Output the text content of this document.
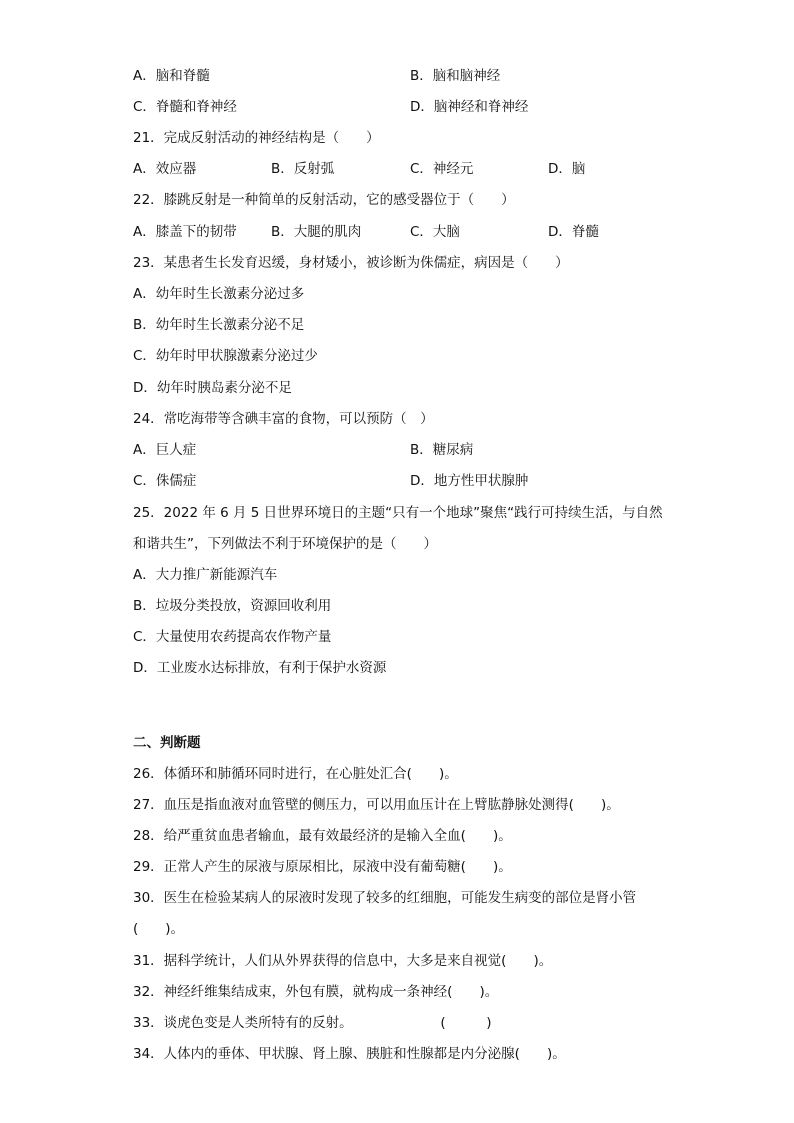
A．脑和脊髓	B．脑和脑神经
C．脊髓和脊神经	D．脑神经和脊神经
21．完成反射活动的神经结构是（　　）
A．效应器	B．反射弧	C．神经元	D．脑
22．膝跳反射是一种简单的反射活动，它的感受器位于（　　）
A．膝盖下的韧带	B．大腿的肌肉	C．大脑	D．脊髓
23．某患者生长发育迟缓，身材矮小，被诊断为侏儒症，病因是（　　）
A．幼年时生长激素分泌过多
B．幼年时生长激素分泌不足
C．幼年时甲状腺激素分泌过少
D．幼年时胰岛素分泌不足
24．常吃海带等含碘丰富的食物，可以预防（　）
A．巨人症	B．糖尿病
C．侏儒症	D．地方性甲状腺肿
25．2022 年 6 月 5 日世界环境日的主题“只有一个地球”聚焦“践行可持续生活，与自然
和谐共生”，下列做法不利于环境保护的是（　　）
A．大力推广新能源汽车
B．垃圾分类投放，资源回收利用
C．大量使用农药提高农作物产量
D．工业废水达标排放，有利于保护水资源
二、判断题
26．体循环和肺循环同时进行，在心脏处汇合(　　)。
27．血压是指血液对血管壁的侧压力，可以用血压计在上臂肱静脉处测得(　　)。
28．给严重贫血患者输血，最有效最经济的是输入全血(　　)。
29．正常人产生的尿液与原尿相比，尿液中没有葡萄糖(　　)。
30．医生在检验某病人的尿液时发现了较多的红细胞，可能发生病变的部位是肾小管
(　　)。
31．据科学统计，人们从外界获得的信息中，大多是来自视觉(　　)。
32．神经纤维集结成束，外包有膜，就构成一条神经(　　)。
33．谈虎色变是人类所特有的反射。　　　　　　　(　　　)
34．人体内的垂体、甲状腺、肾上腺、胰脏和性腺都是内分泌腺(　　)。
